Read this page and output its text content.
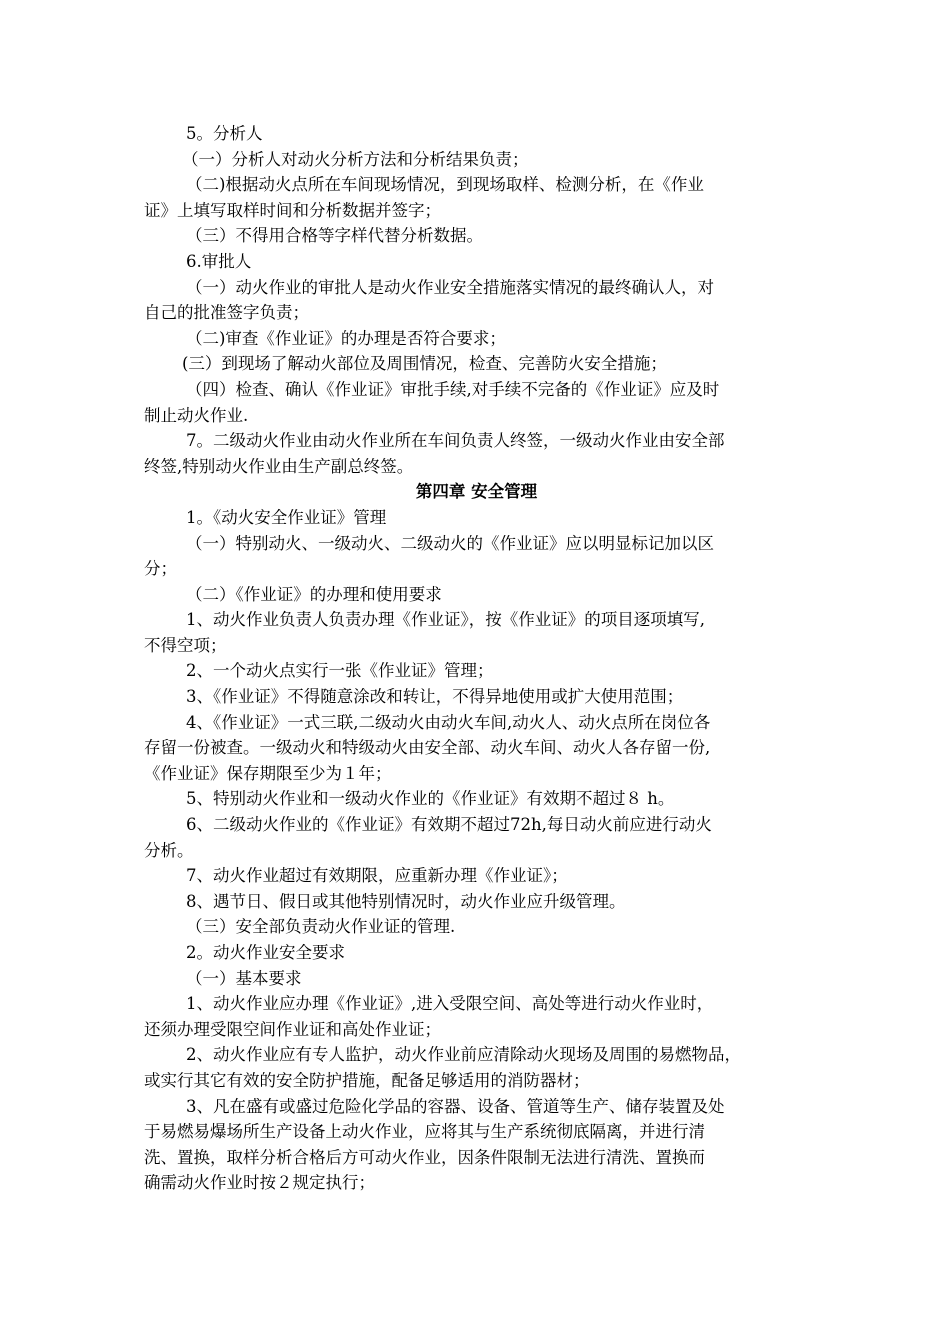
5。分析人
（一）分析人对动火分析方法和分析结果负责；
（二)根据动火点所在车间现场情况，到现场取样、检测分析，在《作业
证》上填写取样时间和分析数据并签字；
（三）不得用合格等字样代替分析数据。
6.审批人
（一）动火作业的审批人是动火作业安全措施落实情况的最终确认人，对
自己的批准签字负责；
（二)审查《作业证》的办理是否符合要求；
(三）到现场了解动火部位及周围情况，检查、完善防火安全措施；
（四）检查、确认《作业证》审批手续,对手续不完备的《作业证》应及时
制止动火作业.
7。二级动火作业由动火作业所在车间负责人终签，一级动火作业由安全部
终签,特别动火作业由生产副总终签。
第四章 安全管理
1。《动火安全作业证》管理
（一）特别动火、一级动火、二级动火的《作业证》应以明显标记加以区
分；
（二）《作业证》的办理和使用要求
1、动火作业负责人负责办理《作业证》，按《作业证》的项目逐项填写,
不得空项；
2、一个动火点实行一张《作业证》管理；
3、《作业证》不得随意涂改和转让，不得异地使用或扩大使用范围；
4、《作业证》一式三联,二级动火由动火车间,动火人、动火点所在岗位各
存留一份被查。一级动火和特级动火由安全部、动火车间、动火人各存留一份,
《作业证》保存期限至少为１年；
5、特别动火作业和一级动火作业的《作业证》有效期不超过８ h。
6、二级动火作业的《作业证》有效期不超过72h,每日动火前应进行动火
分析。
7、动火作业超过有效期限，应重新办理《作业证》；
8、遇节日、假日或其他特别情况时，动火作业应升级管理。
（三）安全部负责动火作业证的管理.
2。动火作业安全要求
（一）基本要求
1、动火作业应办理《作业证》,进入受限空间、高处等进行动火作业时，
还须办理受限空间作业证和高处作业证；
2、动火作业应有专人监护，动火作业前应清除动火现场及周围的易燃物品，
或实行其它有效的安全防护措施，配备足够适用的消防器材；
3、凡在盛有或盛过危险化学品的容器、设备、管道等生产、储存装置及处
于易燃易爆场所生产设备上动火作业，应将其与生产系统彻底隔离，并进行清
洗、置换，取样分析合格后方可动火作业，因条件限制无法进行清洗、置换而
确需动火作业时按２规定执行；
